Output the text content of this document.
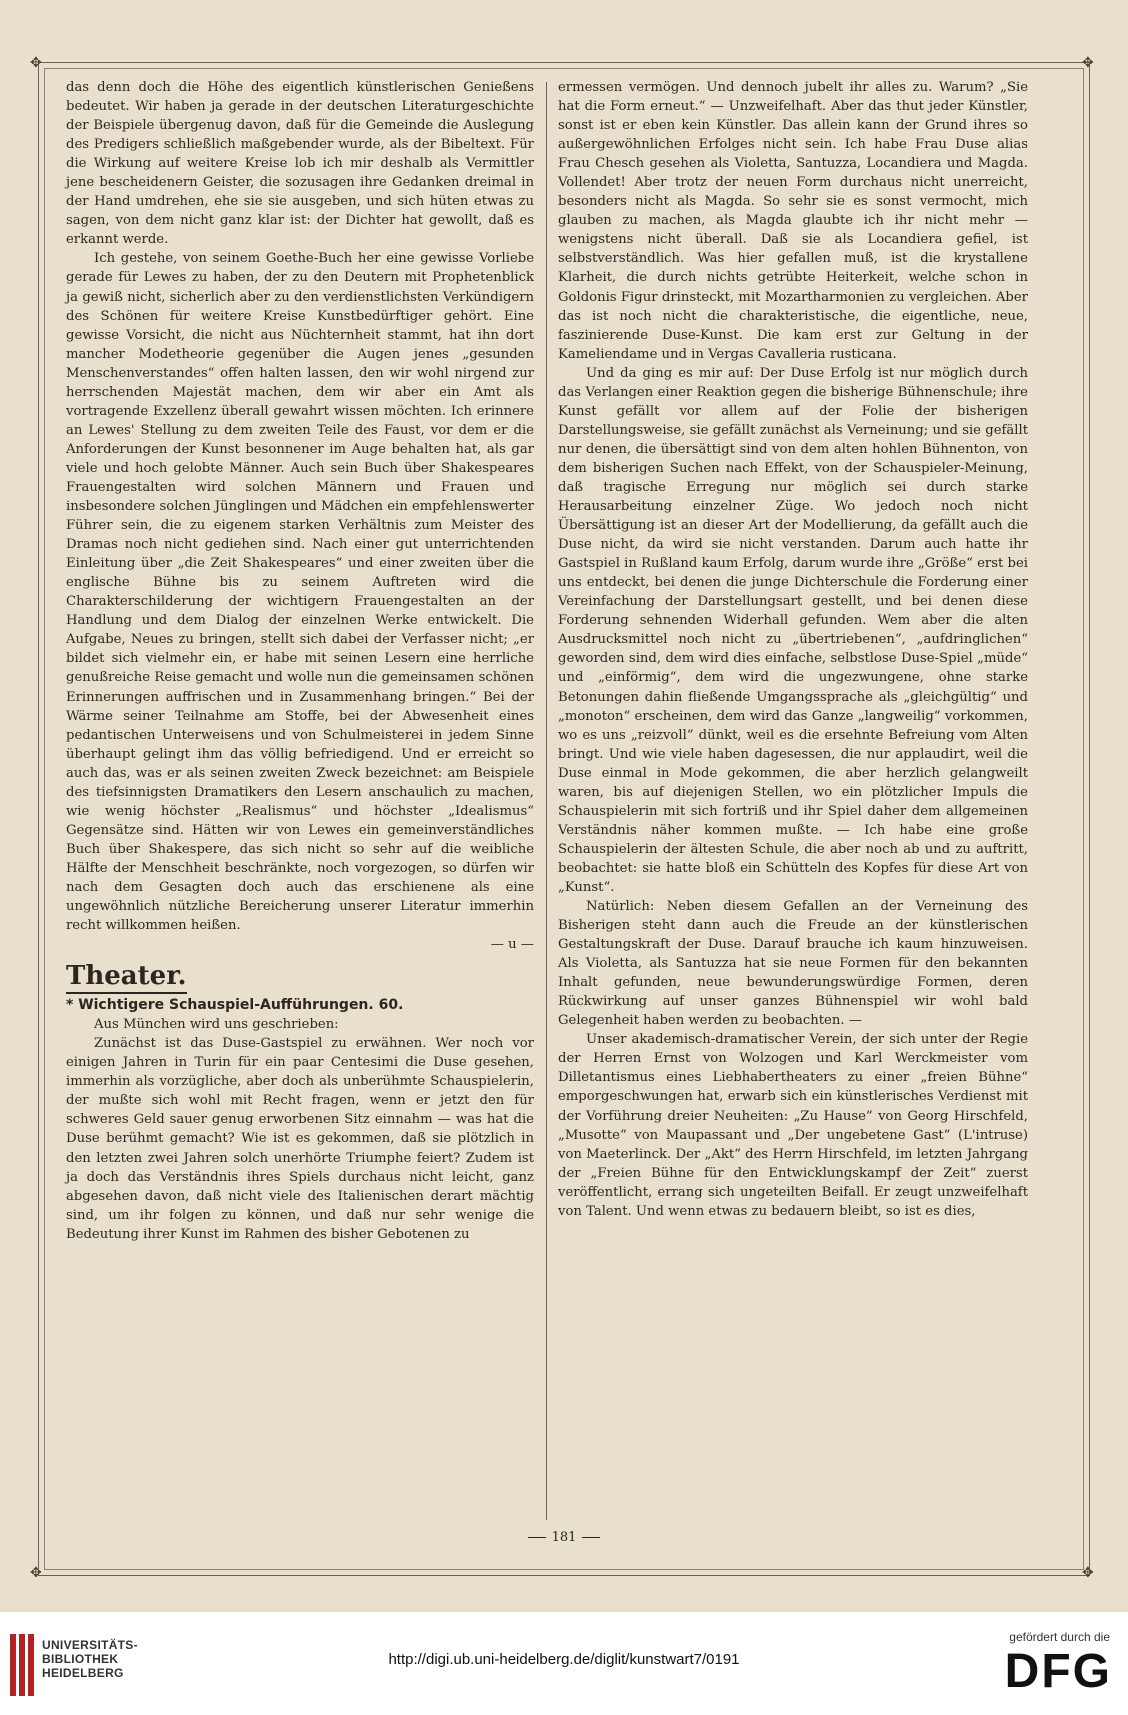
✥	✥
✥	✥

das denn doch die Höhe des eigentlich künstlerischen Genießens bedeutet. Wir haben ja gerade in der deutschen Literaturgeschichte der Beispiele übergenug davon, daß für die Gemeinde die Auslegung des Predigers schließlich maßgebender wurde, als der Bibeltext. Für die Wirkung auf weitere Kreise lob ich mir deshalb als Vermittler jene bescheidenern Geister, die sozusagen ihre Gedanken dreimal in der Hand umdrehen, ehe sie sie ausgeben, und sich hüten etwas zu sagen, von dem nicht ganz klar ist: der Dichter hat gewollt, daß es erkannt werde.

Ich gestehe, von seinem Goethe-Buch her eine gewisse Vorliebe gerade für Lewes zu haben, der zu den Deutern mit Prophetenblick ja gewiß nicht, sicherlich aber zu den verdienstlichsten Verkündigern des Schönen für weitere Kreise Kunstbedürftiger gehört. Eine gewisse Vorsicht, die nicht aus Nüchternheit stammt, hat ihn dort mancher Modetheorie gegenüber die Augen jenes „gesunden Menschenverstandes“ offen halten lassen, den wir wohl nirgend zur herrschenden Majestät machen, dem wir aber ein Amt als vortragende Exzellenz überall gewahrt wissen möchten. Ich erinnere an Lewes' Stellung zu dem zweiten Teile des Faust, vor dem er die Anforderungen der Kunst besonnener im Auge behalten hat, als gar viele und hoch gelobte Männer. Auch sein Buch über Shakespeares Frauengestalten wird solchen Männern und Frauen und insbesondere solchen Jünglingen und Mädchen ein empfehlenswerter Führer sein, die zu eigenem starken Verhältnis zum Meister des Dramas noch nicht gediehen sind. Nach einer gut unterrichtenden Einleitung über „die Zeit Shakespeares“ und einer zweiten über die englische Bühne bis zu seinem Auftreten wird die Charakterschilderung der wichtigern Frauengestalten an der Handlung und dem Dialog der einzelnen Werke entwickelt. Die Aufgabe, Neues zu bringen, stellt sich dabei der Verfasser nicht; „er bildet sich vielmehr ein, er habe mit seinen Lesern eine herrliche genußreiche Reise gemacht und wolle nun die gemeinsamen schönen Erinnerungen auffrischen und in Zusammenhang bringen.“ Bei der Wärme seiner Teilnahme am Stoffe, bei der Abwesenheit eines pedantischen Unterweisens und von Schulmeisterei in jedem Sinne überhaupt gelingt ihm das völlig befriedigend. Und er erreicht so auch das, was er als seinen zweiten Zweck bezeichnet: am Beispiele des tiefsinnigsten Dramatikers den Lesern anschaulich zu machen, wie wenig höchster „Realismus“ und höchster „Idealismus“ Gegensätze sind. Hätten wir von Lewes ein gemeinverständliches Buch über Shakespere, das sich nicht so sehr auf die weibliche Hälfte der Menschheit beschränkte, noch vorgezogen, so dürfen wir nach dem Gesagten doch auch das erschienene als eine ungewöhnlich nützliche Bereicherung unserer Literatur immerhin recht willkommen heißen.

— u —

Theater.

* Wichtigere Schauspiel-Aufführungen. 60.

Aus München wird uns geschrieben:

Zunächst ist das Duse-Gastspiel zu erwähnen. Wer noch vor einigen Jahren in Turin für ein paar Centesimi die Duse gesehen, immerhin als vorzügliche, aber doch als unberühmte Schauspielerin, der mußte sich wohl mit Recht fragen, wenn er jetzt den für schweres Geld sauer genug erworbenen Sitz einnahm — was hat die Duse berühmt gemacht? Wie ist es gekommen, daß sie plötzlich in den letzten zwei Jahren solch unerhörte Triumphe feiert? Zudem ist ja doch das Verständnis ihres Spiels durchaus nicht leicht, ganz abgesehen davon, daß nicht viele des Italienischen derart mächtig sind, um ihr folgen zu können, und daß nur sehr wenige die Bedeutung ihrer Kunst im Rahmen des bisher Gebotenen zu

ermessen vermögen. Und dennoch jubelt ihr alles zu. Warum? „Sie hat die Form erneut.“ — Unzweifelhaft. Aber das thut jeder Künstler, sonst ist er eben kein Künstler. Das allein kann der Grund ihres so außergewöhnlichen Erfolges nicht sein. Ich habe Frau Duse alias Frau Chesch gesehen als Violetta, Santuzza, Locandiera und Magda. Vollendet! Aber trotz der neuen Form durchaus nicht unerreicht, besonders nicht als Magda. So sehr sie es sonst vermocht, mich glauben zu machen, als Magda glaubte ich ihr nicht mehr — wenigstens nicht überall. Daß sie als Locandiera gefiel, ist selbstverständlich. Was hier gefallen muß, ist die krystallene Klarheit, die durch nichts getrübte Heiterkeit, welche schon in Goldonis Figur drinsteckt, mit Mozartharmonien zu vergleichen. Aber das ist noch nicht die charakteristische, die eigentliche, neue, faszinierende Duse-Kunst. Die kam erst zur Geltung in der Kameliendame und in Vergas Cavalleria rusticana.

Und da ging es mir auf: Der Duse Erfolg ist nur möglich durch das Verlangen einer Reaktion gegen die bisherige Bühnenschule; ihre Kunst gefällt vor allem auf der Folie der bisherigen Darstellungsweise, sie gefällt zunächst als Verneinung; und sie gefällt nur denen, die übersättigt sind von dem alten hohlen Bühnenton, von dem bisherigen Suchen nach Effekt, von der Schauspieler-Meinung, daß tragische Erregung nur möglich sei durch starke Herausarbeitung einzelner Züge. Wo jedoch noch nicht Übersättigung ist an dieser Art der Modellierung, da gefällt auch die Duse nicht, da wird sie nicht verstanden. Darum auch hatte ihr Gastspiel in Rußland kaum Erfolg, darum wurde ihre „Größe“ erst bei uns entdeckt, bei denen die junge Dichterschule die Forderung einer Vereinfachung der Darstellungsart gestellt, und bei denen diese Forderung sehnenden Widerhall gefunden. Wem aber die alten Ausdrucksmittel noch nicht zu „übertriebenen“, „aufdringlichen“ geworden sind, dem wird dies einfache, selbstlose Duse-Spiel „müde“ und „einförmig“, dem wird die ungezwungene, ohne starke Betonungen dahin fließende Umgangssprache als „gleichgültig“ und „monoton“ erscheinen, dem wird das Ganze „langweilig“ vorkommen, wo es uns „reizvoll“ dünkt, weil es die ersehnte Befreiung vom Alten bringt. Und wie viele haben dagesessen, die nur applaudirt, weil die Duse einmal in Mode gekommen, die aber herzlich gelangweilt waren, bis auf diejenigen Stellen, wo ein plötzlicher Impuls die Schauspielerin mit sich fortriß und ihr Spiel daher dem allgemeinen Verständnis näher kommen mußte. — Ich habe eine große Schauspielerin der ältesten Schule, die aber noch ab und zu auftritt, beobachtet: sie hatte bloß ein Schütteln des Kopfes für diese Art von „Kunst“.

Natürlich: Neben diesem Gefallen an der Verneinung des Bisherigen steht dann auch die Freude an der künstlerischen Gestaltungskraft der Duse. Darauf brauche ich kaum hinzuweisen. Als Violetta, als Santuzza hat sie neue Formen für den bekannten Inhalt gefunden, neue bewunderungswürdige Formen, deren Rückwirkung auf unser ganzes Bühnenspiel wir wohl bald Gelegenheit haben werden zu beobachten. —

Unser akademisch-dramatischer Verein, der sich unter der Regie der Herren Ernst von Wolzogen und Karl Werckmeister vom Dilletantismus eines Liebhabertheaters zu einer „freien Bühne“ emporgeschwungen hat, erwarb sich ein künstlerisches Verdienst mit der Vorführung dreier Neuheiten: „Zu Hause“ von Georg Hirschfeld, „Musotte“ von Maupassant und „Der ungebetene Gast“ (L'intruse) von Maeterlinck. Der „Akt“ des Herrn Hirschfeld, im letzten Jahrgang der „Freien Bühne für den Entwicklungskampf der Zeit“ zuerst veröffentlicht, errang sich ungeteilten Beifall. Er zeugt unzweifelhaft von Talent. Und wenn etwas zu bedauern bleibt, so ist es dies,

181
UNIVERSITÄTS-
BIBLIOTHEK
HEIDELBERG
http://digi.ub.uni-heidelberg.de/diglit/kunstwart7/0191
gefördert durch die
DFG
